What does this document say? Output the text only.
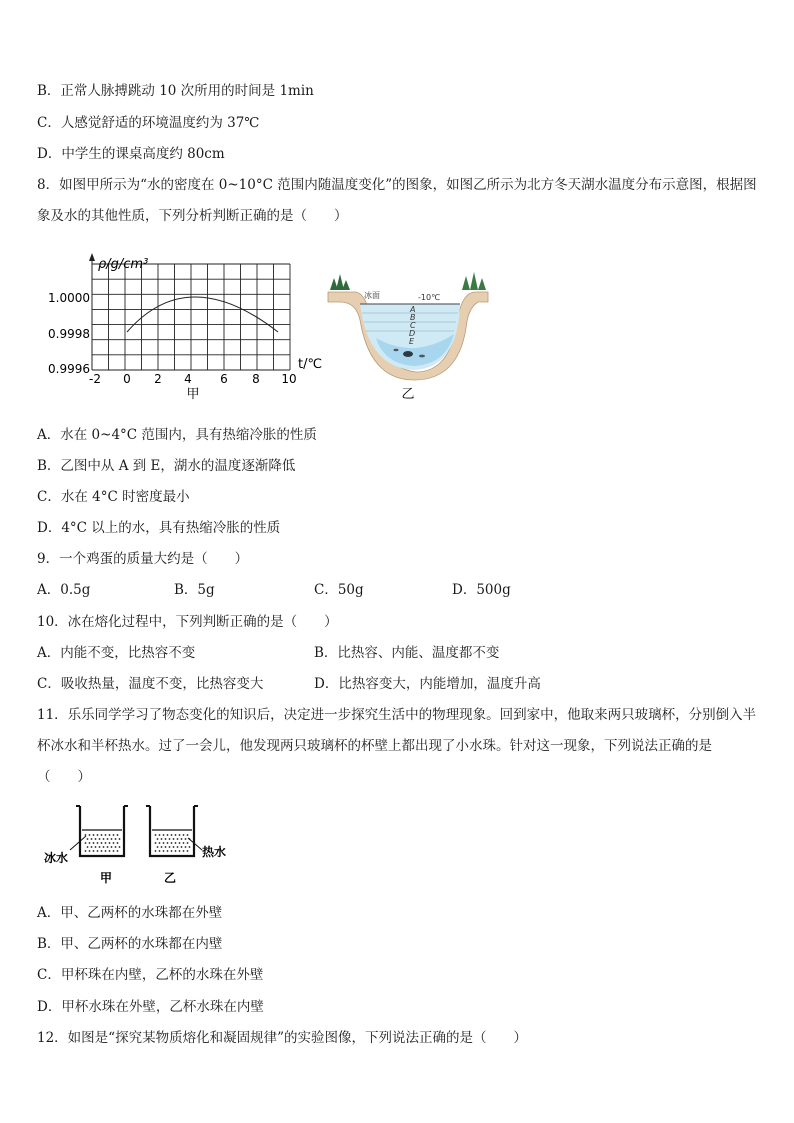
B．正常人脉搏跳动 10 次所用的时间是 1min
C．人感觉舒适的环境温度约为 37℃
D．中学生的课桌高度约 80cm
8．如图甲所示为“水的密度在 0~10°C 范围内随温度变化”的图象，如图乙所示为北方冬天湖水温度分布示意图，根据图象及水的其他性质，下列分析判断正确的是（　　）
ρ/g/cm³
t/℃
1.0000
0.9998
0.9996
-2 0 2 4 6 8 10
甲
冰面	-10℃
A
B
C
D
E
乙
A．水在 0~4°C 范围内，具有热缩冷胀的性质
B．乙图中从 A 到 E，湖水的温度逐渐降低
C．水在 4°C 时密度最小
D．4°C 以上的水，具有热缩冷胀的性质
9．一个鸡蛋的质量大约是（　　）
A．0.5g	B．5g	C．50g	D．500g
10．冰在熔化过程中，下列判断正确的是（　　）
A．内能不变，比热容不变	B．比热容、内能、温度都不变
C．吸收热量，温度不变，比热容变大	D．比热容变大，内能增加，温度升高
11．乐乐同学学习了物态变化的知识后，决定进一步探究生活中的物理现象。回到家中，他取来两只玻璃杯，分别倒入半杯冰水和半杯热水。过了一会儿，他发现两只玻璃杯的杯壁上都出现了小水珠。针对这一现象，下列说法正确的是（　　）
冰水	热水
甲	乙
A．甲、乙两杯的水珠都在外壁
B．甲、乙两杯的水珠都在内壁
C．甲杯珠在内壁，乙杯的水珠在外壁
D．甲杯水珠在外壁，乙杯水珠在内壁
12．如图是“探究某物质熔化和凝固规律”的实验图像，下列说法正确的是（　　）
